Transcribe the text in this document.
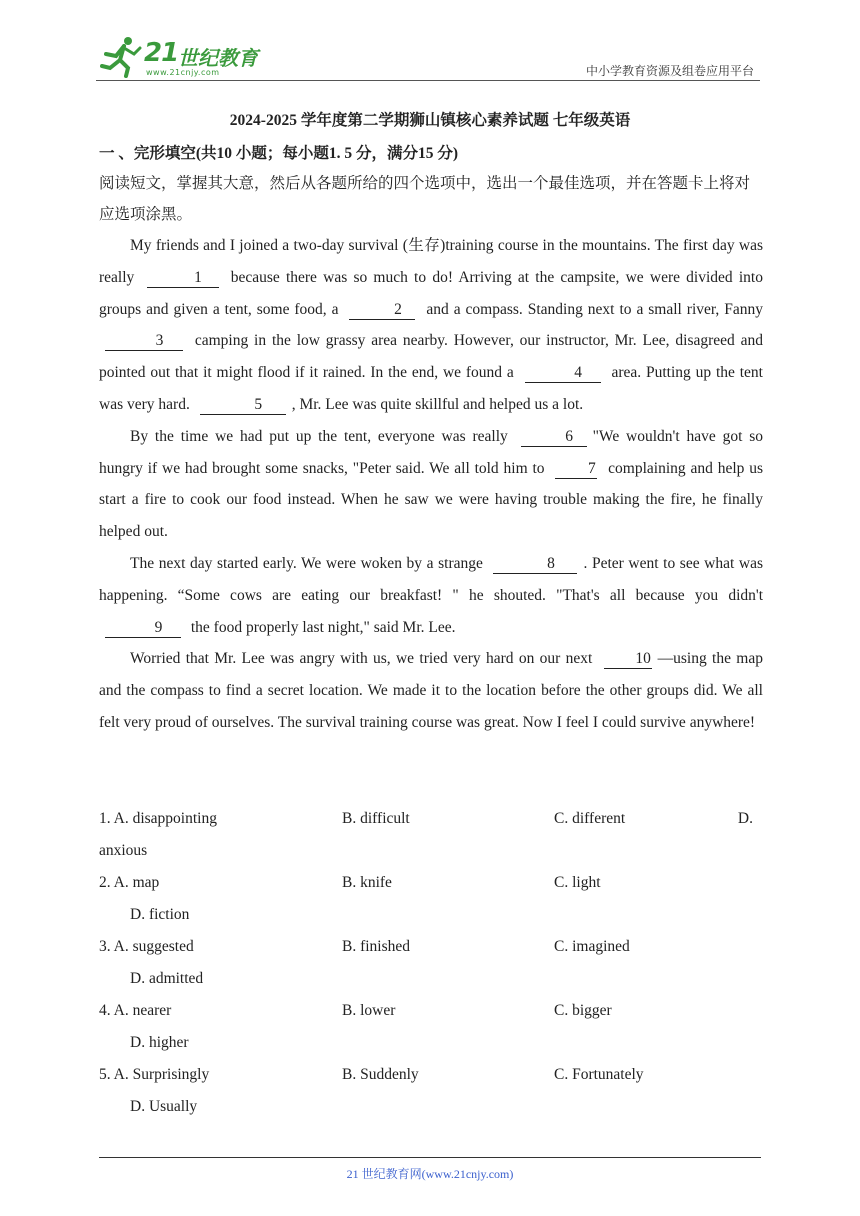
21 世纪教育
www.21cnjy.com	中小学教育资源及组卷应用平台
2024-2025 学年度第二学期狮山镇核心素养试题 七年级英语
一 、完形填空(共10 小题；每小题1. 5 分，满分15 分)
阅读短文，掌握其大意，然后从各题所给的四个选项中，选出一个最佳选项，并在答题卡上将对应选项涂黑。

My friends and I joined a two-day survival (生存)training course in the mountains. The first day was really	1 because there was so much to do! Arriving at the campsite, we were divided into groups and given a tent, some food, a	2 and a compass. Standing next to a small river, Fanny 3 camping in the low grassy area nearby. However, our instructor, Mr. Lee, disagreed and pointed out that it might flood if it rained. In the end, we found a	4 area. Putting up the tent was very hard.	5 , Mr. Lee was quite skillful and helped us a lot.

By the time we had put up the tent, everyone was really	6 "We wouldn't have got so hungry if we had brought some snacks, "Peter said. We all told him to 7 complaining and help us start a fire to cook our food instead. When he saw we were having trouble making the fire, he finally helped out.

The next day started early. We were woken by a strange	8 . Peter went to see what was happening. “Some cows are eating our breakfast! " he shouted. "That's all because you didn't 9 the food properly last night," said Mr. Lee.

Worried that Mr. Lee was angry with us, we tried very hard on our next 10 —using the map and the compass to find a secret location. We made it to the location before the other groups did. We all felt very proud of ourselves. The survival training course was great. Now I feel I could survive anywhere!

1. A. disappointing	B. difficult	C. different	D.
anxious
2. A. map	B. knife	C. light
D. fiction
3. A. suggested	B. finished	C. imagined
D. admitted
4. A. nearer	B. lower	C. bigger
D. higher
5. A. Surprisingly	B. Suddenly	C. Fortunately
D. Usually
21 世纪教育网(www.21cnjy.com)
